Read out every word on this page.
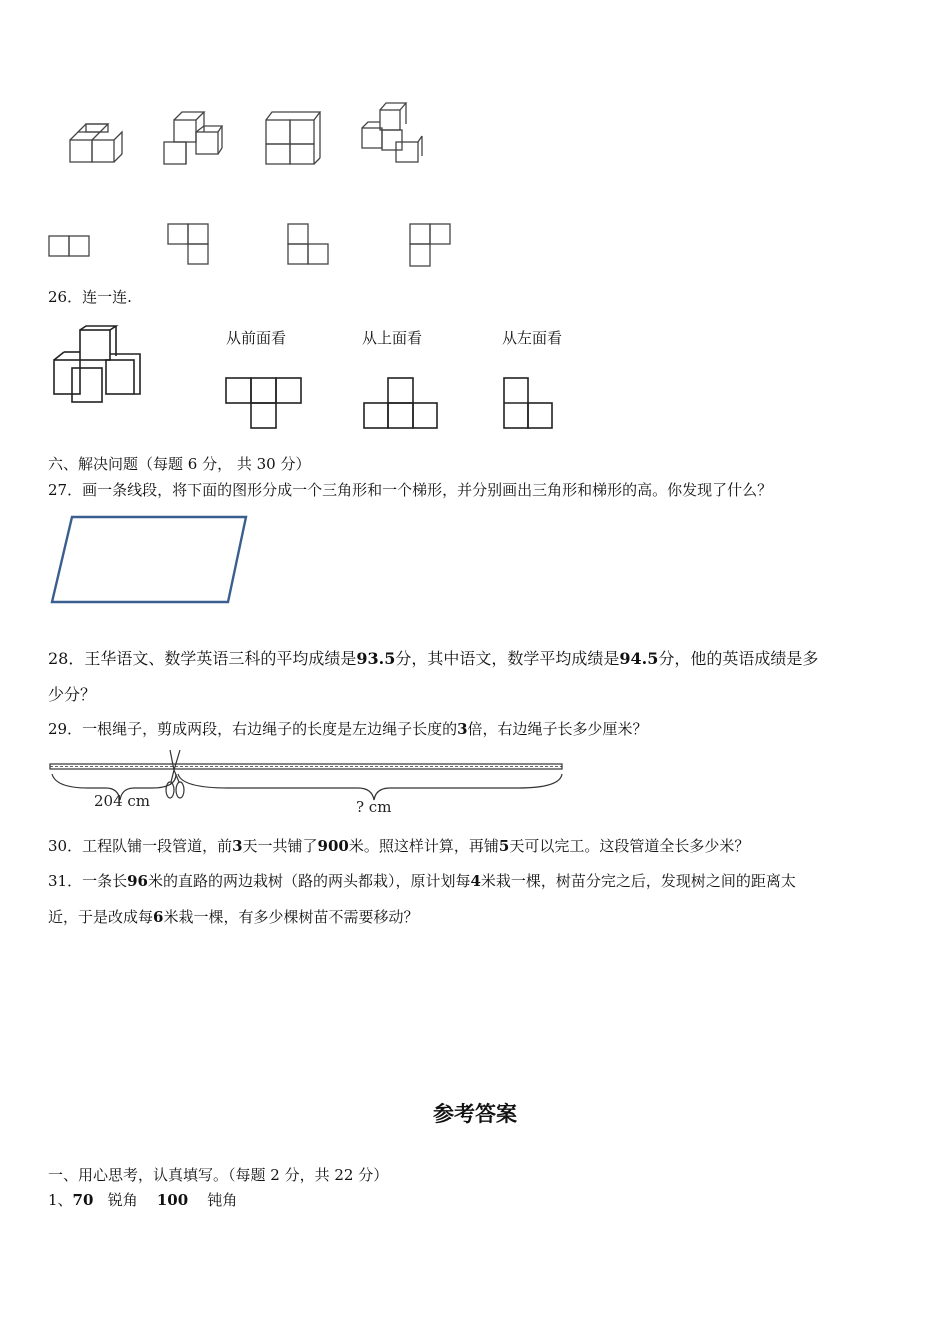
26．连一连.
从前面看	从上面看	从左面看
六、解决问题（每题 6 分， 共 30 分）
27．画一条线段，将下面的图形分成一个三角形和一个梯形，并分别画出三角形和梯形的高。你发现了什么？
28．王华语文、数学英语三科的平均成绩是93.5分，其中语文，数学平均成绩是94.5分，他的英语成绩是多
少分？
29．一根绳子，剪成两段，右边绳子的长度是左边绳子长度的3倍，右边绳子长多少厘米？
204 cm	? cm
30．工程队铺一段管道，前3天一共铺了900米。照这样计算，再铺5天可以完工。这段管道全长多少米？
31．一条长96米的直路的两边栽树（路的两头都栽），原计划每4米栽一棵，树苗分完之后，发现树之间的距离太
近，于是改成每6米栽一棵，有多少棵树苗不需要移动？
参考答案
一、用心思考，认真填写。（每题 2 分，共 22 分）
1、70 锐角 100 钝角
